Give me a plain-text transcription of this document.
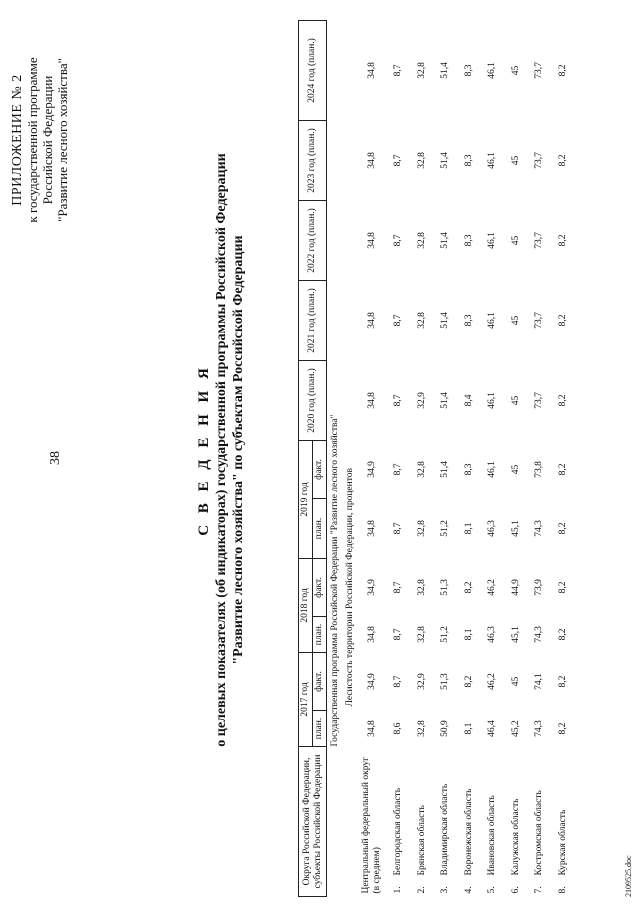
38
ПРИЛОЖЕНИЕ № 2 к государственной программе Российской Федерации "Развитие лесного хозяйства"
С В Е Д Е Н И Я о целевых показателях (об индикаторах) государственной программы Российской Федерации "Развитие лесного хозяйства" по субъектам Российской Федерации
Округа Российской Федерации, субъекты Российской Федерации		2017 год		2018 год		2019 год		2020 год (план.)	2021 год (план.)	2022 год (план.)	2023 год (план.)	2024 год (план.)
		план.	факт.	план.	факт.	план.	факт.					
Государственная программа Российской Федерации "Развитие лесного хозяйства"												
Лесистость территории Российской Федерации, процентов												
Центральный федеральный округ (в среднем)		34,8	34,9	34,8	34,9	34,8	34,9	34,8	34,8	34,8	34,8	34,8
1.	Белгородская область	8,6	8,7	8,7	8,7	8,7	8,7	8,7	8,7	8,7	8,7	8,7
2.	Брянская область	32,8	32,9	32,8	32,8	32,8	32,8	32,9	32,8	32,8	32,8	32,8
3.	Владимирская область	50,9	51,3	51,2	51,3	51,2	51,4	51,4	51,4	51,4	51,4	51,4
4.	Воронежская область	8,1	8,2	8,1	8,2	8,1	8,3	8,4	8,3	8,3	8,3	8,3
5.	Ивановская область	46,4	46,2	46,3	46,2	46,3	46,1	46,1	46,1	46,1	46,1	46,1
6.	Калужская область	45,2	45	45,1	44,9	45,1	45	45	45	45	45	45
7.	Костромская область	74,3	74,1	74,3	73,9	74,3	73,8	73,7	73,7	73,7	73,7	73,7
8.	Курская область	8,2	8,2	8,2	8,2	8,2	8,2	8,2	8,2	8,2	8,2	8,2
2109525.doc
